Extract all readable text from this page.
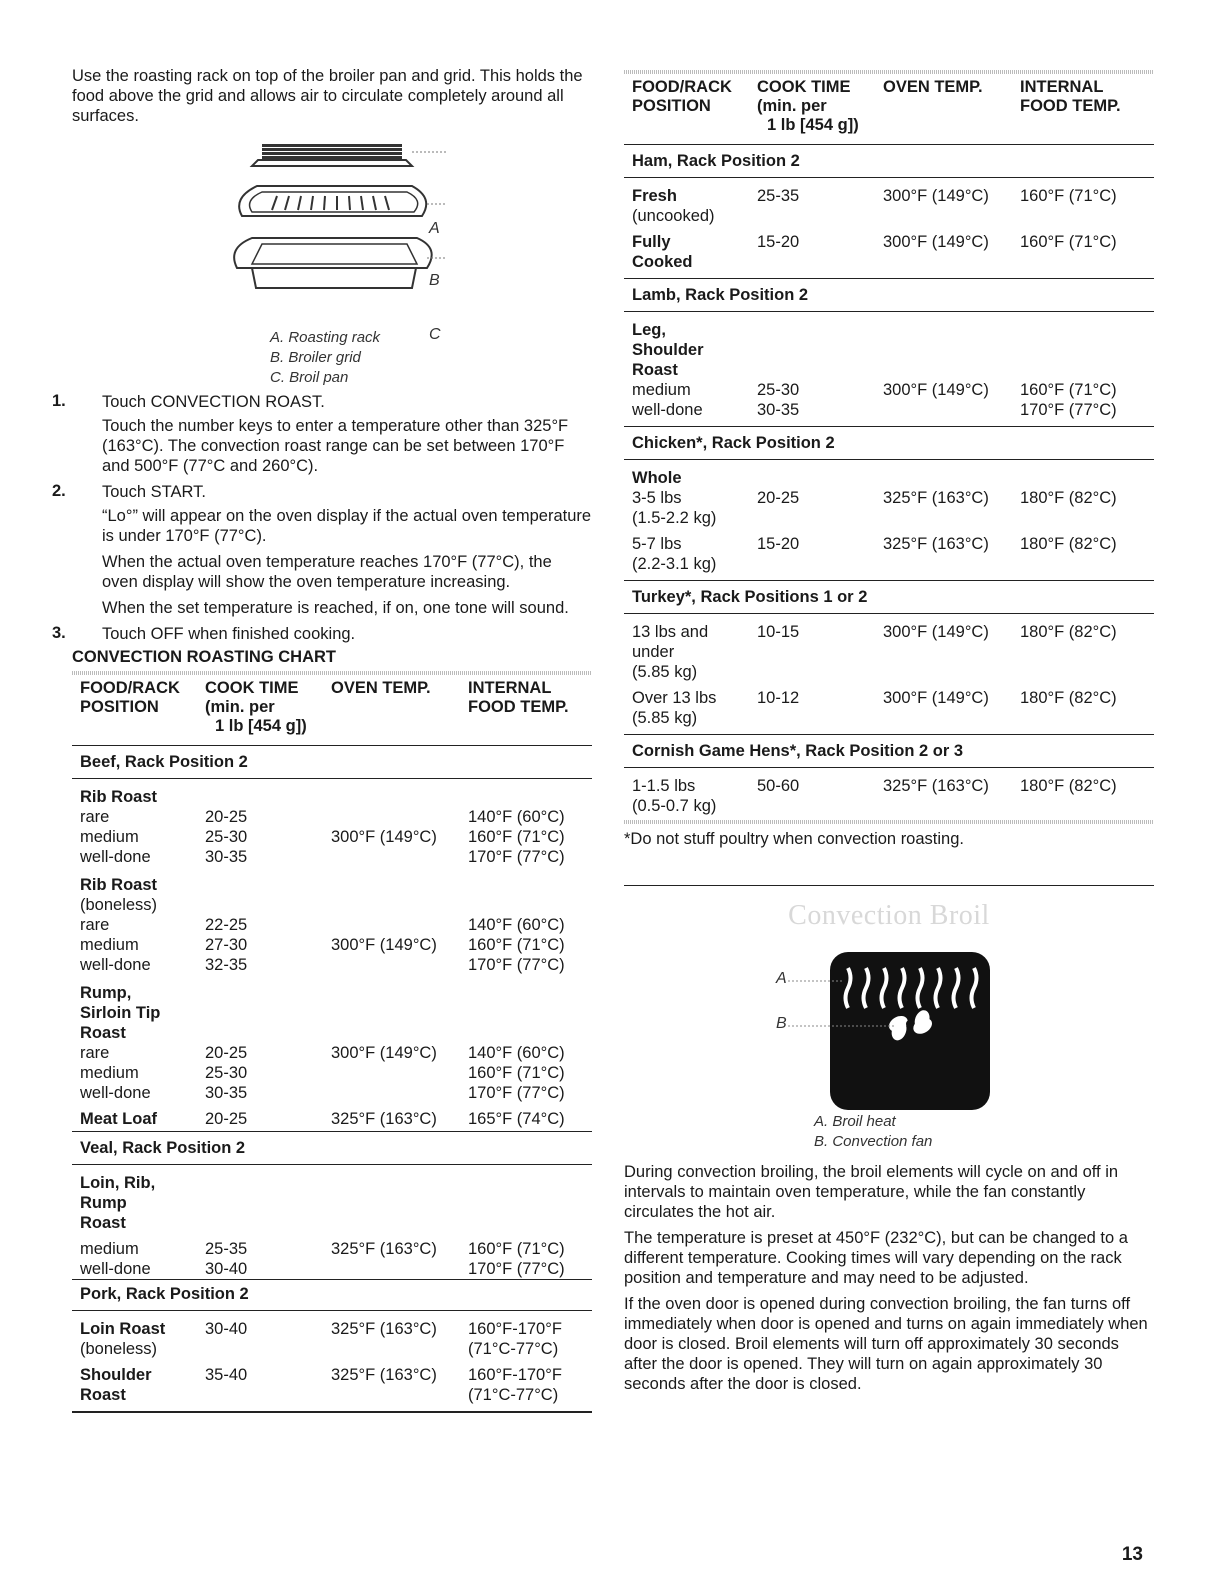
Use the roasting rack on top of the broiler pan and grid. This holds the food above the grid and allows air to circulate completely around all surfaces.

A
B
C
A. Roasting rack
B. Broiler grid
C. Broil pan
1. Touch CONVECTION ROAST.

Touch the number keys to enter a temperature other than 325°F (163°C). The convection roast range can be set between 170°F and 500°F (77°C and 260°C).

2. Touch START.

“Lo°” will appear on the oven display if the actual oven temperature is under 170°F (77°C).

When the actual oven temperature reaches 170°F (77°C), the oven display will show the oven temperature increasing.

When the set temperature is reached, if on, one tone will sound.

3. Touch OFF when finished cooking.

CONVECTION ROASTING CHART
FOOD/RACK
POSITION	COOK TIME
(min. per
1 lb [454 g])	OVEN TEMP.	INTERNAL
FOOD TEMP.
Beef, Rack Position 2			
Rib Roast			
rare	20-25		140°F (60°C)
medium	25-30	300°F (149°C)	160°F (71°C)
well-done	30-35		170°F (77°C)
Rib Roast			
(boneless)			
rare	22-25		140°F (60°C)
medium	27-30	300°F (149°C)	160°F (71°C)
well-done	32-35		170°F (77°C)
Rump,			
Sirloin Tip			
Roast			
rare	20-25	300°F (149°C)	140°F (60°C)
medium	25-30		160°F (71°C)
well-done	30-35		170°F (77°C)
Meat Loaf	20-25	325°F (163°C)	165°F (74°C)
Veal, Rack Position 2			
Loin, Rib,			
Rump			
Roast			
medium	25-35	325°F (163°C)	160°F (71°C)
well-done	30-40		170°F (77°C)
Pork, Rack Position 2			
Loin Roast	30-40	325°F (163°C)	160°F-170°F
(boneless)			(71°C-77°C)
Shoulder	35-40	325°F (163°C)	160°F-170°F
Roast			(71°C-77°C)
FOOD/RACK
POSITION	COOK TIME
(min. per
1 lb [454 g])	OVEN TEMP.	INTERNAL
FOOD TEMP.
Ham, Rack Position 2			
Fresh	25-35	300°F (149°C)	160°F (71°C)
(uncooked)			
Fully	15-20	300°F (149°C)	160°F (71°C)
Cooked			
Lamb, Rack Position 2			
Leg,			
Shoulder			
Roast			
medium	25-30	300°F (149°C)	160°F (71°C)
well-done	30-35		170°F (77°C)
Chicken*, Rack Position 2			
Whole			
3-5 lbs	20-25	325°F (163°C)	180°F (82°C)
(1.5-2.2 kg)			
5-7 lbs	15-20	325°F (163°C)	180°F (82°C)
(2.2-3.1 kg)			
Turkey*, Rack Positions 1 or 2			
13 lbs and	10-15	300°F (149°C)	180°F (82°C)
under			
(5.85 kg)			
Over 13 lbs	10-12	300°F (149°C)	180°F (82°C)
(5.85 kg)			
Cornish Game Hens*, Rack Position 2 or 3			
1-1.5 lbs	50-60	325°F (163°C)	180°F (82°C)
(0.5-0.7 kg)			

*Do not stuff poultry when convection roasting.

Convection Broil
A
B
A. Broil heat
B. Convection fan

During convection broiling, the broil elements will cycle on and off in intervals to maintain oven temperature, while the fan constantly circulates the hot air.

The temperature is preset at 450°F (232°C), but can be changed to a different temperature. Cooking times will vary depending on the rack position and temperature and may need to be adjusted.

If the oven door is opened during convection broiling, the fan turns off immediately when door is opened and turns on again immediately when door is closed. Broil elements will turn off approximately 30 seconds after the door is opened. They will turn on again approximately 30 seconds after the door is closed.

13
